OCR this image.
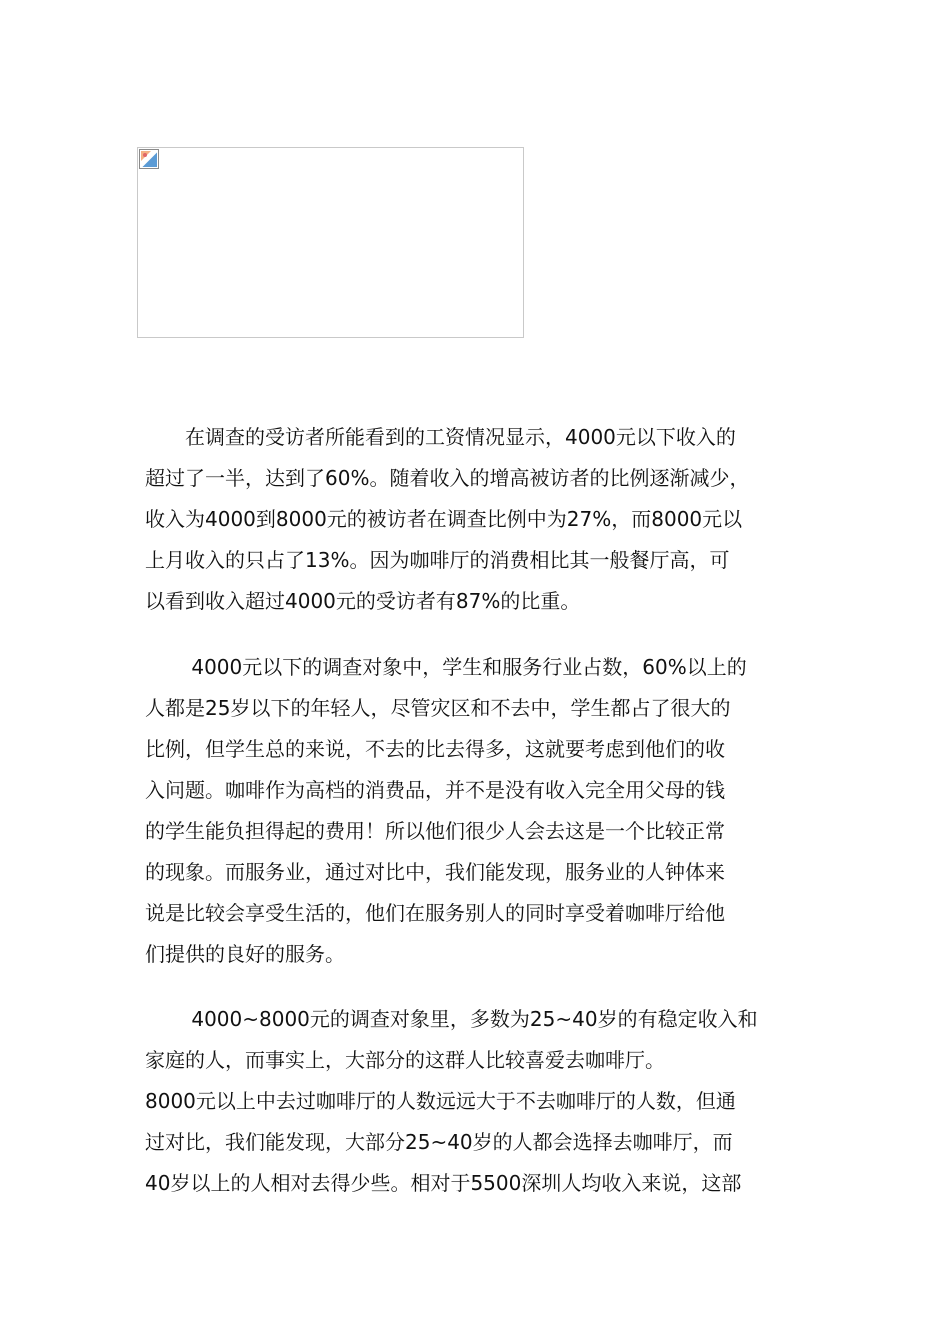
　　在调查的受访者所能看到的工资情况显示，4000元以下收入的
超过了一半，达到了60%。随着收入的增高被访者的比例逐渐减少，
收入为4000到8000元的被访者在调查比例中为27%，而8000元以
上月收入的只占了13%。因为咖啡厅的消费相比其一般餐厅高，可
以看到收入超过4000元的受访者有87%的比重。
　　 4000元以下的调查对象中，学生和服务行业占数，60%以上的
人都是25岁以下的年轻人，尽管灾区和不去中，学生都占了很大的
比例，但学生总的来说，不去的比去得多，这就要考虑到他们的收
入问题。咖啡作为高档的消费品，并不是没有收入完全用父母的钱
的学生能负担得起的费用！所以他们很少人会去这是一个比较正常
的现象。而服务业，通过对比中，我们能发现，服务业的人钟体来
说是比较会享受生活的，他们在服务别人的同时享受着咖啡厅给他
们提供的良好的服务。
　　 4000~8000元的调查对象里，多数为25~40岁的有稳定收入和
家庭的人，而事实上，大部分的这群人比较喜爱去咖啡厅。
8000元以上中去过咖啡厅的人数远远大于不去咖啡厅的人数，但通
过对比，我们能发现，大部分25~40岁的人都会选择去咖啡厅，而
40岁以上的人相对去得少些。相对于5500深圳人均收入来说，这部
